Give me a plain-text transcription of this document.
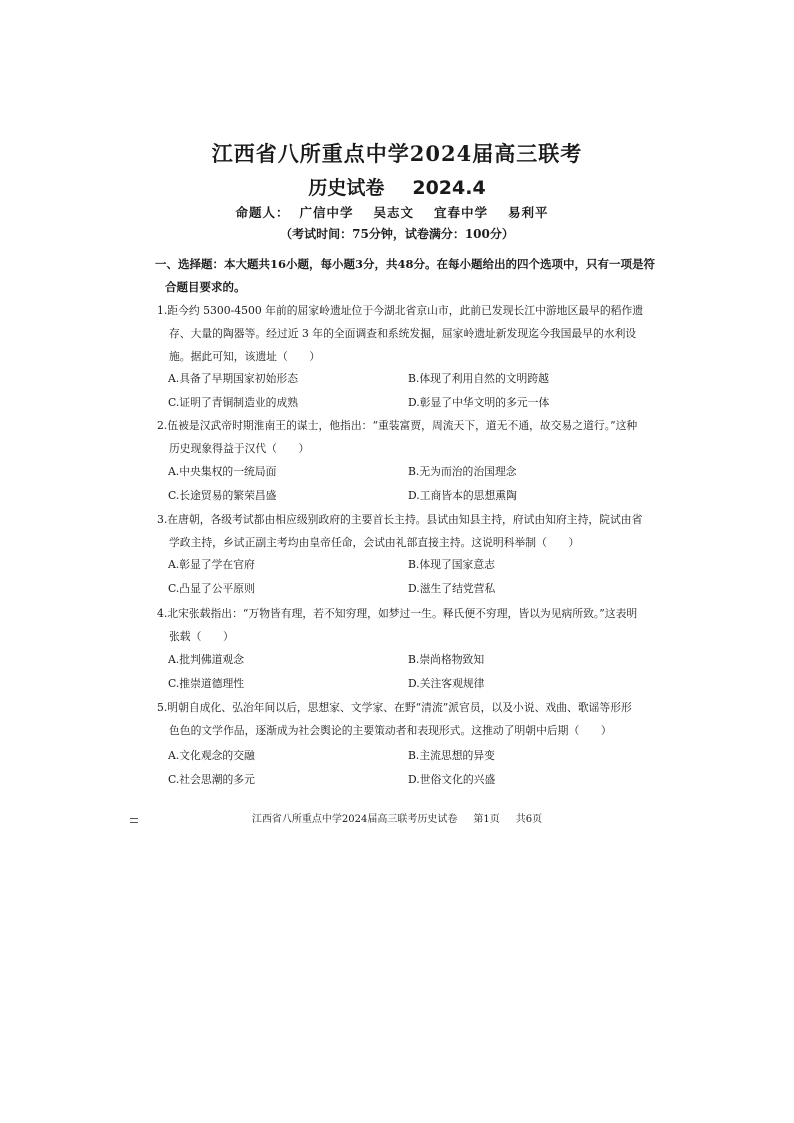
江西省八所重点中学2024届高三联考
历史试卷 2024.4
命题人： 广信中学 吴志文 宜春中学 易利平
（考试时间：75分钟，试卷满分：100分）
一、选择题：本大题共16小题，每小题3分，共48分。在每小题给出的四个选项中，只有一项是符
合题目要求的。
1.距今约 5300-4500 年前的屈家岭遗址位于今湖北省京山市，此前已发现长江中游地区最早的稻作遗
存、大量的陶器等。经过近 3 年的全面调查和系统发掘，屈家岭遗址新发现迄今我国最早的水利设
施。据此可知，该遗址（　　）
A.具备了早期国家初始形态	B.体现了利用自然的文明跨越
C.证明了青铜制造业的成熟	D.彰显了中华文明的多元一体
2.伍被是汉武帝时期淮南王的谋士，他指出：“重装富贾，周流天下，道无不通，故交易之道行。”这种
历史现象得益于汉代（　　）
A.中央集权的一统局面	B.无为而治的治国理念
C.长途贸易的繁荣昌盛	D.工商皆本的思想熏陶
3.在唐朝，各级考试都由相应级别政府的主要首长主持。县试由知县主持，府试由知府主持，院试由省
学政主持，乡试正副主考均由皇帝任命，会试由礼部直接主持。这说明科举制（　　）
A.彰显了学在官府	B.体现了国家意志
C.凸显了公平原则	D.滋生了结党营私
4.北宋张载指出：“万物皆有理，若不知穷理，如梦过一生。释氏便不穷理，皆以为见病所致。”这表明
张载（　　）
A.批判佛道观念	B.崇尚格物致知
C.推崇道德理性	D.关注客观规律
5.明朝自成化、弘治年间以后，思想家、文学家、在野“清流”派官员，以及小说、戏曲、歌谣等形形
色色的文学作品，逐渐成为社会舆论的主要策动者和表现形式。这推动了明朝中后期（　　）
A.文化观念的交融	B.主流思想的异变
C.社会思潮的多元	D.世俗文化的兴盛
江西省八所重点中学2024届高三联考历史试卷 第1页 共6页
